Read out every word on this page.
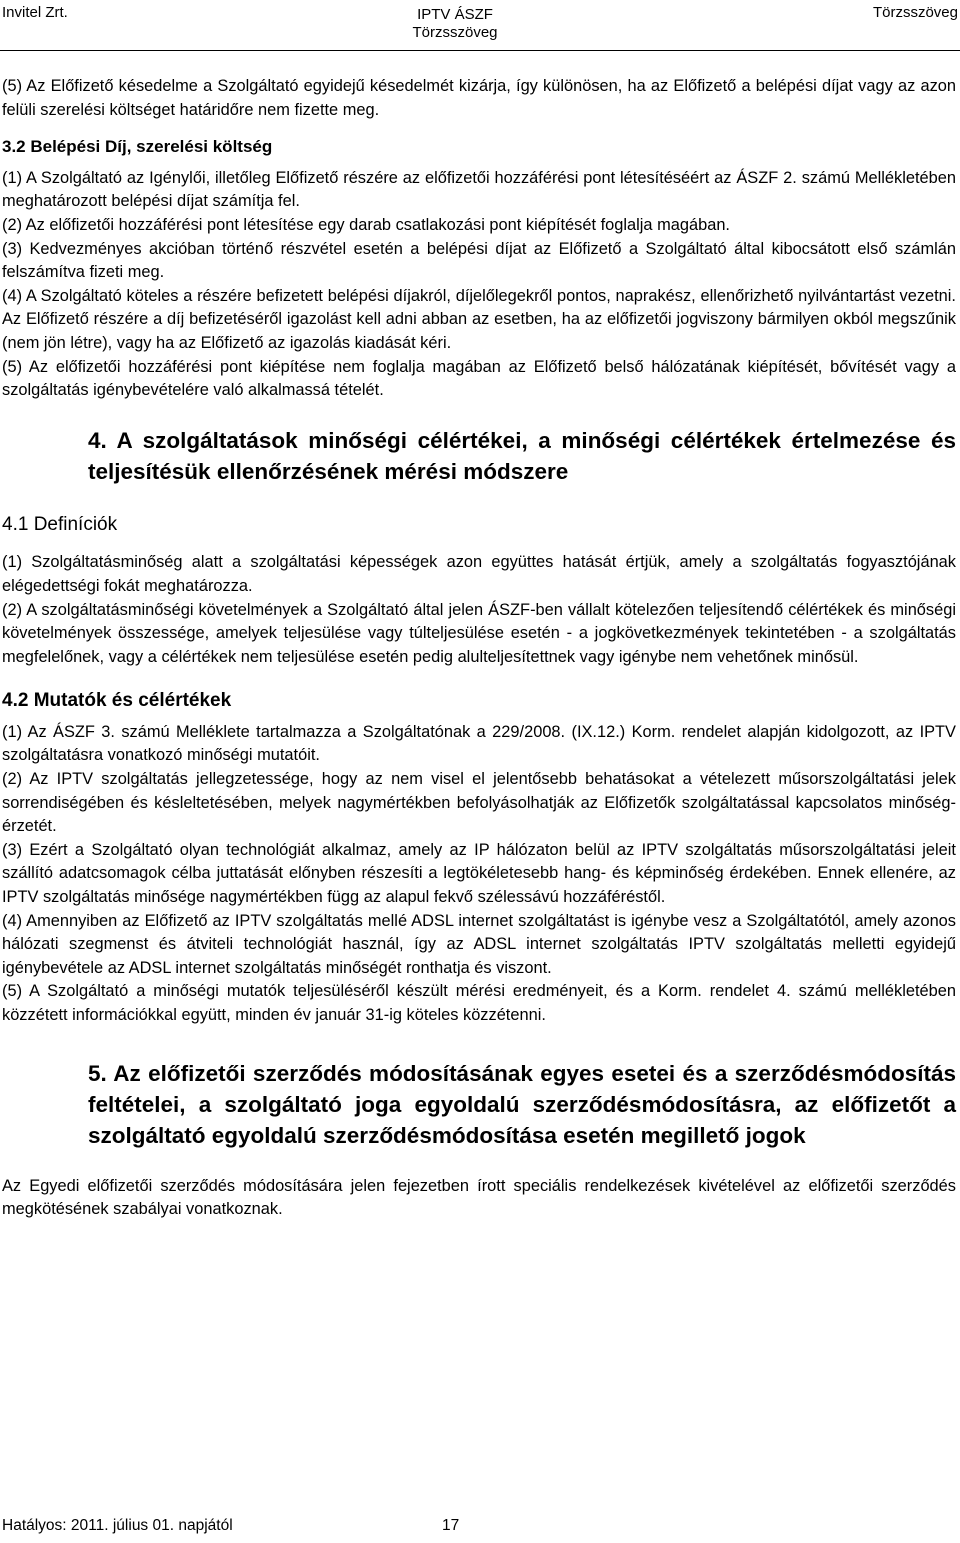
Invitel Zrt.	IPTV ÁSZF
Törzsszöveg
Törzsszöveg

(5) Az Előfizető késedelme a Szolgáltató egyidejű késedelmét kizárja, így különösen, ha az Előfizető a belépési díjat vagy az azon felüli szerelési költséget határidőre nem fizette meg.

3.2 Belépési Díj, szerelési költség

(1) A Szolgáltató az Igénylői, illetőleg Előfizető részére az előfizetői hozzáférési pont létesítéséért az ÁSZF 2. számú Mellékletében meghatározott belépési díjat számítja fel.

(2) Az előfizetői hozzáférési pont létesítése egy darab csatlakozási pont kiépítését foglalja magában.

(3) Kedvezményes akcióban történő részvétel esetén a belépési díjat az Előfizető a Szolgáltató által kibocsátott első számlán felszámítva fizeti meg.

(4) A Szolgáltató köteles a részére befizetett belépési díjakról, díjelőlegekről pontos, naprakész, ellenőrizhető nyilvántartást vezetni. Az Előfizető részére a díj befizetéséről igazolást kell adni abban az esetben, ha az előfizetői jogviszony bármilyen okból megszűnik (nem jön létre), vagy ha az Előfizető az igazolás kiadását kéri.

(5) Az előfizetői hozzáférési pont kiépítése nem foglalja magában az Előfizető belső hálózatának kiépítését, bővítését vagy a szolgáltatás igénybevételére való alkalmassá tételét.

4. A szolgáltatások minőségi célértékei, a minőségi célértékek értelmezése és teljesítésük ellenőrzésének mérési módszere
4.1 Definíciók

(1) Szolgáltatásminőség alatt a szolgáltatási képességek azon együttes hatását értjük, amely a szolgáltatás fogyasztójának elégedettségi fokát meghatározza.

(2) A szolgáltatásminőségi követelmények a Szolgáltató által jelen ÁSZF-ben vállalt kötelezően teljesítendő célértékek és minőségi követelmények összessége, amelyek teljesülése vagy túlteljesülése esetén - a jogkövetkezmények tekintetében - a szolgáltatás megfelelőnek, vagy a célértékek nem teljesülése esetén pedig alulteljesítettnek vagy igénybe nem vehetőnek minősül.

4.2 Mutatók és célértékek

(1) Az ÁSZF 3. számú Melléklete tartalmazza a Szolgáltatónak a 229/2008. (IX.12.) Korm. rendelet alapján kidolgozott, az IPTV szolgáltatásra vonatkozó minőségi mutatóit.

(2) Az IPTV szolgáltatás jellegzetessége, hogy az nem visel el jelentősebb behatásokat a vételezett műsorszolgáltatási jelek sorrendiségében és késleltetésében, melyek nagymértékben befolyásolhatják az Előfizetők szolgáltatással kapcsolatos minőség-érzetét.

(3) Ezért a Szolgáltató olyan technológiát alkalmaz, amely az IP hálózaton belül az IPTV szolgáltatás műsorszolgáltatási jeleit szállító adatcsomagok célba juttatását előnyben részesíti a legtökéletesebb hang- és képminőség érdekében. Ennek ellenére, az IPTV szolgáltatás minősége nagymértékben függ az alapul fekvő szélessávú hozzáféréstől.

(4) Amennyiben az Előfizető az IPTV szolgáltatás mellé ADSL internet szolgáltatást is igénybe vesz a Szolgáltatótól, amely azonos hálózati szegmenst és átviteli technológiát használ, így az ADSL internet szolgáltatás IPTV szolgáltatás melletti egyidejű igénybevétele az ADSL internet szolgáltatás minőségét ronthatja és viszont.

(5) A Szolgáltató a minőségi mutatók teljesüléséről készült mérési eredményeit, és a Korm. rendelet 4. számú mellékletében közzétett információkkal együtt, minden év január 31-ig köteles közzétenni.

5. Az előfizetői szerződés módosításának egyes esetei és a szerződésmódosítás feltételei, a szolgáltató joga egyoldalú szerződésmódosításra, az előfizetőt a szolgáltató egyoldalú szerződésmódosítása esetén megillető jogok

Az Egyedi előfizetői szerződés módosítására jelen fejezetben írott speciális rendelkezések kivételével az előfizetői szerződés megkötésének szabályai vonatkoznak.

Hatályos: 2011. július 01. napjától	17
